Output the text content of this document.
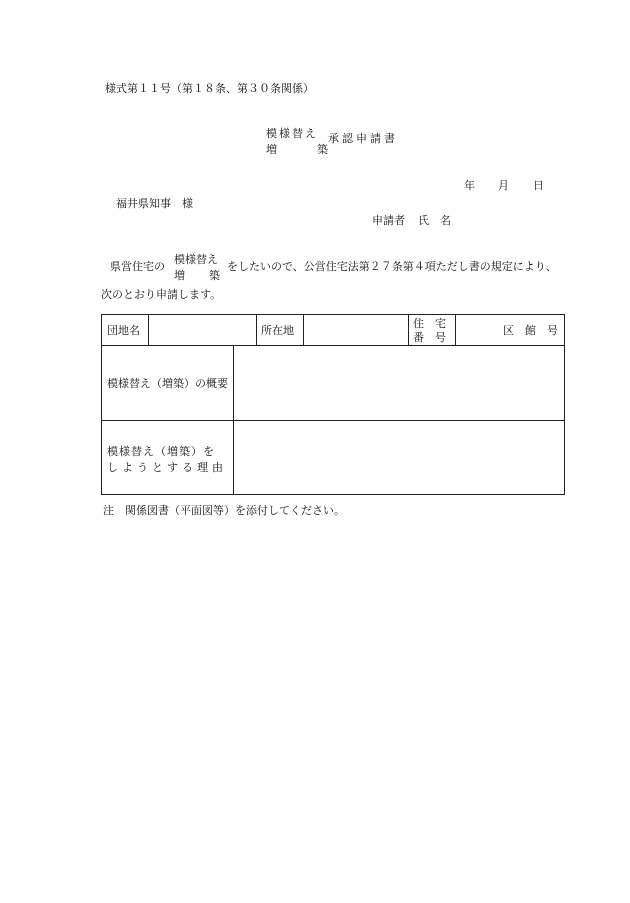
様式第１１号（第１８条、第３０条関係）
模様替え
増	築
承認申請書
年 月 日
福井県知事　様
申請者 氏　名
県営住宅の
模様替え
増 築
をしたいので、公営住宅法第２７条第４項ただし書の規定により、
次のとおり申請します。
団地名	所在地
住　宅
番　号
区　館　号
模様替え（増築）の概要
模様替え（増築）を
しようとする理由
注　関係図書（平面図等）を添付してください。
